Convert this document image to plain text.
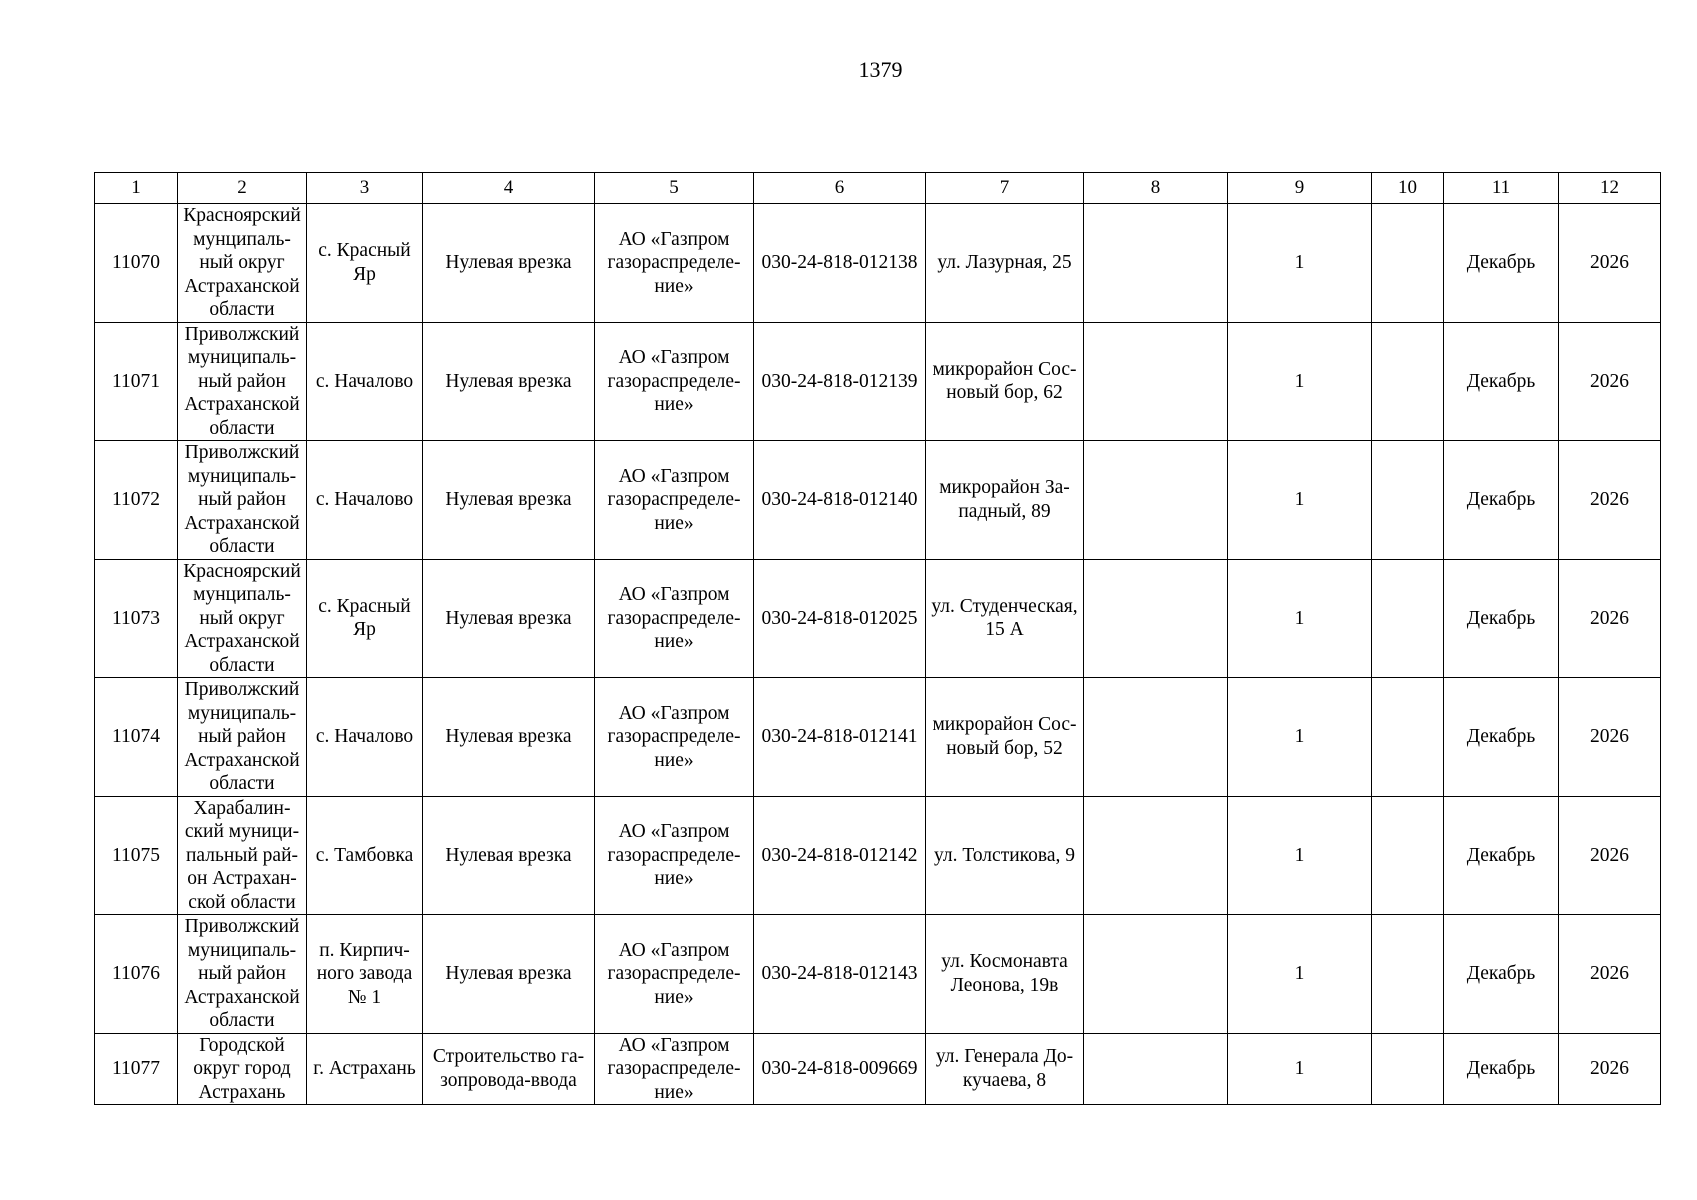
1379
1	2	3	4	5	6	7	8	9	10	11	12

11070	Красноярский
мунципаль-
ный округ
Астраханской
области	с. Красный
Яр	Нулевая врезка	АО «Газпром
газораспределе-
ние»	030-24-818-012138	ул. Лазурная, 25		1		Декабрь	2026

11071	Приволжский
муниципаль-
ный район
Астраханской
области	с. Началово	Нулевая врезка	АО «Газпром
газораспределе-
ние»	030-24-818-012139	микрорайон Сос-
новый бор, 62		1		Декабрь	2026

11072	Приволжский
муниципаль-
ный район
Астраханской
области	с. Началово	Нулевая врезка	АО «Газпром
газораспределе-
ние»	030-24-818-012140	микрорайон За-
падный, 89		1		Декабрь	2026

11073	Красноярский
мунципаль-
ный округ
Астраханской
области	с. Красный
Яр	Нулевая врезка	АО «Газпром
газораспределе-
ние»	030-24-818-012025	ул. Студенческая,
15 А		1		Декабрь	2026

11074	Приволжский
муниципаль-
ный район
Астраханской
области	с. Началово	Нулевая врезка	АО «Газпром
газораспределе-
ние»	030-24-818-012141	микрорайон Сос-
новый бор, 52		1		Декабрь	2026

11075	Харабалин-
ский муници-
пальный рай-
он Астрахан-
ской области	с. Тамбовка	Нулевая врезка	АО «Газпром
газораспределе-
ние»	030-24-818-012142	ул. Толстикова, 9		1		Декабрь	2026

11076	Приволжский
муниципаль-
ный район
Астраханской
области	п. Кирпич-
ного завода
№ 1	Нулевая врезка	АО «Газпром
газораспределе-
ние»	030-24-818-012143	ул. Космонавта
Леонова, 19в		1		Декабрь	2026

11077	Городской
округ город
Астрахань	г. Астрахань	Строительство га-
зопровода-ввода	АО «Газпром
газораспределе-
ние»	030-24-818-009669	ул. Генерала До-
кучаева, 8		1		Декабрь	2026
